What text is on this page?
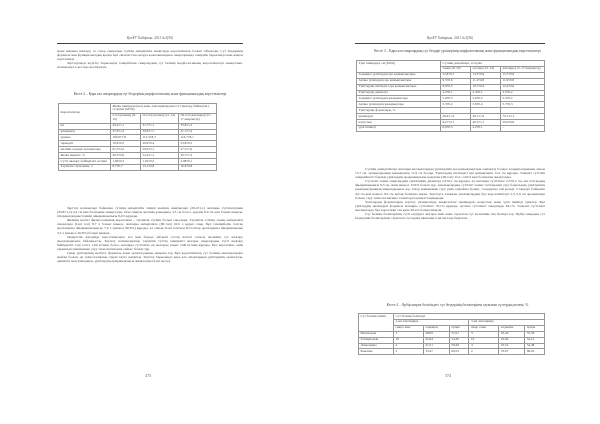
ҚазҰУ Хабаршы. 2011 №3(56)

және шарына шығару, аз салар сиырлары сүтінің өнімділігін анықтауда көрсеткіштер болып табылады. Сүт бездерінің формасы мен функционалдық қасиеттері «Казахстан» шаруа қожалығындағы сиырларында тәжірибе барысында жан-жақты зерттелінді.

Зерттеулерді жүргізу барысында тәжірибелік сиырлардың сүт безінің морфологиялық көрсеткіштері анықталып, нәтижелері 2-кестеде келтірілген.

Кесте 2 – Қара ала сиырлардың сүт бездерінің морфологиялық және функционалдық көрсеткіштері
Көрсеткіштер	Желін пішіндері (кез) және лактациялардағы сүт шығару бейімділігі, ст.ауғын (M±m)		
	I-топ (шыны) (8–10)	II-топ (орташа) (12–14)	III-топ (жатаяры) (15–17 шырақтар)
ші	29,4±1,1	31,7±1,1	33,8±1,2
ұзындығы	37,6±1,4	39,8±1,7	41,1±1,4
ауданы	109,9±7,8	112,3±8,3	116,7±8,1
тереңдігі	19,6±0,5	20,9±0,4	23,8±0,5
желінің сорғыш аралықтары	61,3±2,2	59,9±2,1	57,2±1,9
Желін индексі, %	46,3±0,9	52,4±1,1	56,7±1,3
Сүтті шығару бейімділігі, кг/мин	1,69±0,2	1,92±0,2	2,08±0,1
Тәуліктік сауылымы, л	8,7±0,7	13,1±0,8	16,6±0,8

Зерттеу нәтижелері бойынша сүтінің өнімділігін тиімді желінің шеңберлері (29,4±1,1) жатаяры сүтіліктерінен (33,8±1,2) 4,4 см кем болатыны анықталды. Осы сияқты желінің ұзындығы 3,5 см болса, ауданы 6,9 см кем болып шықты. Олардың индекстерінің айырмашылығы 8,4% құрады.

Желінің негізгі физиологиялық көрсеткіші – тәуліктік сүтінің болып саналады. Тәуліктік сүтінің төмен өнімділікті сиырларда (I-ші топ) 8,7 л болып шықса, жатаяры өнімділікте (III-топ) 16,6 л құрап отыр. Бұл тәжірибелік топтар арасындағы айырмашылықтар 7,9 л (немесе 90,8%) құрады, ал сынақ II-ші топтағы III-топтар арасындағы айырмашылық 3,5 л (немесе 26,8%) болып шықты.

Өндірістік жағдайда көрсеткіштерге аса мән береді, өйткені сүттің негізгі сапасы желіннің сүт шығару жылдамдығына байланысты. Зерттеу нәтижелерінде тәуліктік сүттің өнімділігі жоғары сиырлардың сүтті шығару бейімділігі I-ші топта 1,69 кг/мин болса, жатаяры сүттілікте ең жоғарғы уақыт 2,08 кг/мин құрады. Бұл көрсеткіш, өнім алынатын машинамен сауу технологиясына сәйкес болып тұр.

Сиыр үрпілерінің келбеті, формасы және орналасуының маңызы зор. Бұл көрсеткіштер сүт бөлінің шығарылуына жайлы болып, әр технологиялық сауып алуға жауапты. Зерттеу барысында қара ала сиырлардың үрпілерінің орналасуы, диаметрі мен ұзындығы, үрпілердің арақашықтығы анықталды (3-ші кесте).

373
ҚазҰУ Хабаршы. 2011 №3(56)
Кесте 3 – Қара ала сиырлардың сүт бездері үрпілерінің морфологиялық және функционалдық көрсеткіштері
Үрпі пішіндері, см (M±m)	Сүтінің деңгейлері, л/тәулік		
	төмен (8–10)	орташа (12–14)	жатаяры (15–17 шырақтар)
Алдыңғы үрпілердің ара қашықтықтары	12,8±0,7	13,3±0,6	15,7±0,9
Артқы үрпілердің ара қашықтықтары	9,5±0,6	11,2±0,8	11,9±0,8
Үрпілердің шетіндегі ара қашықтықтары	9,9±0,5	10,7±0,4	12,4±0,6
Үрпілердің диаметрі	2,2±0,1	2,4±0,1	2,5±0,2
Алдыңғы үрпілердің ұзындықтары	5,9±0,3	5,6±0,2	5,3±0,2
Артқы үрпілердің ұзындықтары	5,3±0,2	5,8±0,4	5,7±0,3
Үрпілердің формалары, %			
цилиндрлі	28,4±1,4	49,1±1,9	70,1±2,1
конустық	64,7±2,1	46,5±1,1	29,9±0,9
үрпі пішінді	6,9±0,3	4,2±0,1	–

Сүтінің өнімділіктері жатаяры аналықтардың үрпілерінің ара қашықтықтары алшақтау болды: алдыңғыларының арасы 15,7 см, артқыларының қашықтығы 11,9 см болды. Үрпілердің шетіндегі ара қашықтығы 12,4 см құрады. Төменгі сүттілік өнімділіктегі барлық үрпілердің арақашықтығы қалыпты (III-топ) 12,2–14,0% кем болатыны анықталды.

Сүттілігі төмен сиырлардың үрпілерінің диаметрі 2,2±0,1 см құрады, ал жатаяры сүттілікте 2,5±0,2 см, екі топтардың айырмашылығы 0,3 см, яғни немесе 13,6% болып тұр. Аналықтардың сүттілігі төмен топтарынан сауу барысында үрпілерінің ұзындықтарының маңыздылығы зор. Олар машинамен сауу үшін ыңғайлы болып, стандартқа сай келеді. Стандарт бойынша 4,0 см кем немесе 9,0 см артық болмауы керек. Зерттеуге алынған аналықтардың бұл көрсеткіштері 5,3–5,9 см аралығында болып, сауу технологиясына талаптарға қанағаттандырады.

Үрпілердің формаларын зерттеу нәтижесінде анықталған: цилиндрлі, конустық және үрпі пішінді үрпілер. Бұл үрпілердің цилиндрлі формасы жатаяры сүттілікте 70,1% құрады, орташа сүттілікті сиырларда 49,1%. Төменгі сүттілікті аналықтарда бұл көрсеткіш тек қана 28,4% болып шықты.

Сүт безінің бөліктерінің сүтті өндіруге жоғары мәні және сауылған сүт көлемінің тең бөлінуі зор. Әрбір сиырдың сүт бездерінің бөліктерінен сауылған сүттердің шығыны 4-ші кестеде берілген.

Кесте 4 – Әрбір ширек бөлігіндегі сүт бездерінің бөліктерінен сауылған сүттердің көлемі, %
Сүт безінің пішіні	Сүт безінің бөліктері					
	1-ші лактацияда			3-ші лактацияда		
	сиыр саны	алдыңғы	артқы	сиыр саны	алдыңғы	артқы
Ваннаәлды	3	48,09	51,91	3	45,44	55,56
Табақшалық	18	45,64	54,36	16	45,84	54,12
Домалақша	4	41,51	58,49	4	45,52	54,48
Бөкешке	2	33,47	66,53	2	33,97	66,03
374
